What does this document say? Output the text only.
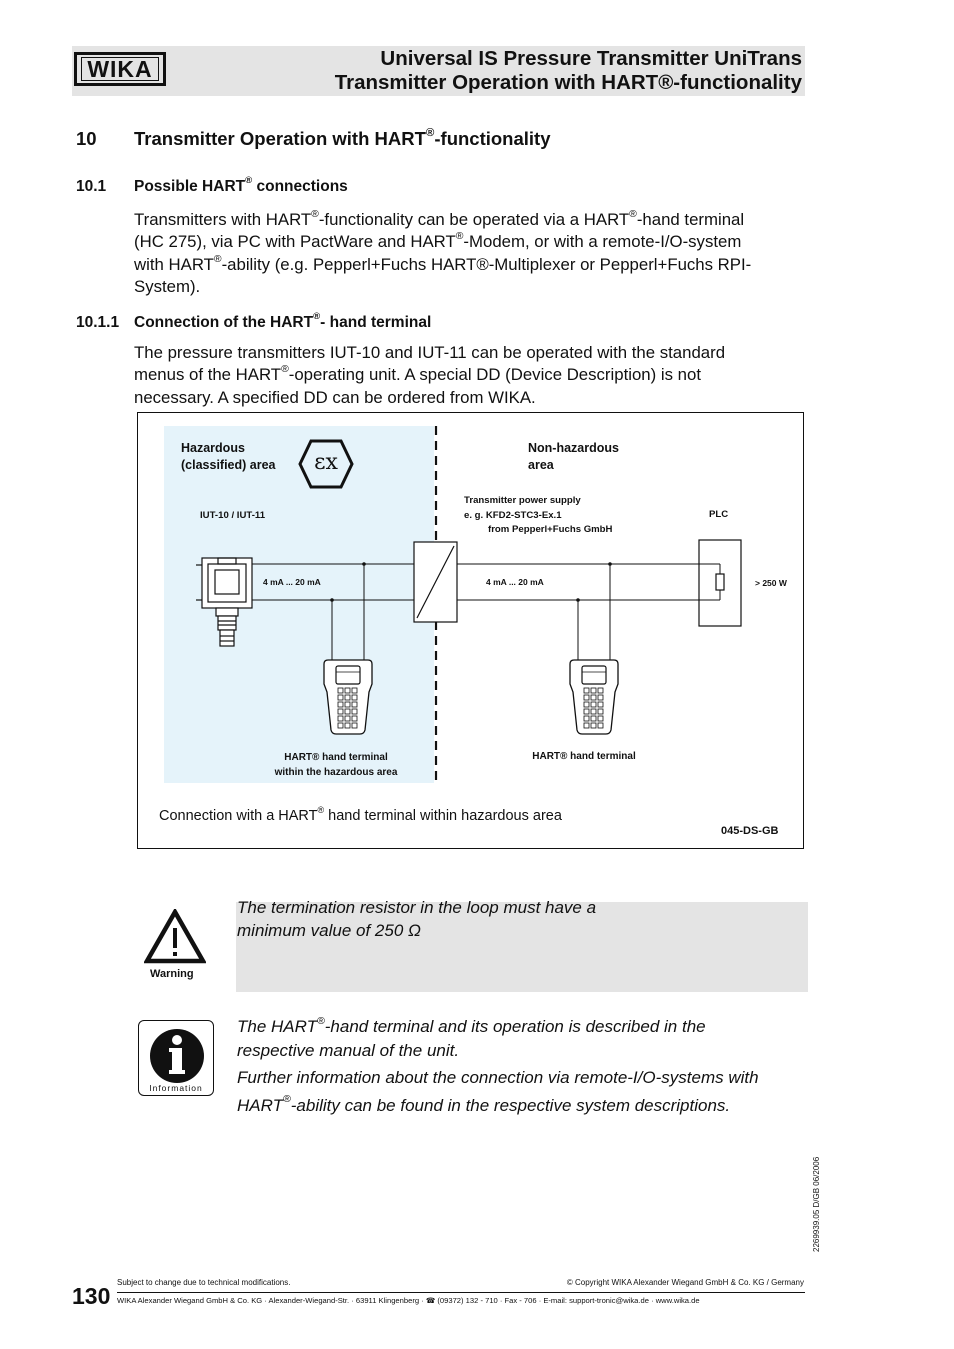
WIKA	Universal IS Pressure Transmitter UniTrans
Transmitter Operation with HART®-functionality
10 Transmitter Operation with HART®-functionality
10.1 Possible HART® connections
Transmitters with HART®-functionality can be operated via a HART®-hand terminal
(HC 275), via PC with PactWare and HART®-Modem, or with a remote-I/O-system
with HART®-ability (e.g. Pepperl+Fuchs HART®-Multiplexer or Pepperl+Fuchs RPI-
System).
10.1.1 Connection of the HART®- hand terminal
The pressure transmitters IUT-10 and IUT-11 can be operated with the standard
menus of the HART®-operating unit. A special DD (Device Description) is not
necessary. A specified DD can be ordered from WIKA.
εx
Hazardous
(classified) area
Non-hazardous
area
IUT-10 / IUT-11
Transmitter power supply
e. g. KFD2-STC3-Ex.1
from Pepperl+Fuchs GmbH
PLC
4 mA ... 20 mA	4 mA ... 20 mA	> 250 W
HART® hand terminal
within the hazardous area
HART® hand terminal
Connection with a HART® hand terminal within hazardous area
045-DS-GB
Warning
The termination resistor in the loop must have a
minimum value of 250 Ω
Information
The HART®-hand terminal and its operation is described in the
respective manual of the unit.
Further information about the connection via remote-I/O-systems with
HART®-ability can be found in the respective system descriptions.
2269939.05 D/GB 06/2006
130
Subject to change due to technical modifications.	© Copyright WIKA Alexander Wiegand GmbH & Co. KG / Germany
WIKA Alexander Wiegand GmbH & Co. KG · Alexander-Wiegand-Str. · 63911 Klingenberg · ☎ (09372) 132 - 710 · Fax - 706 · E-mail: support-tronic@wika.de · www.wika.de
